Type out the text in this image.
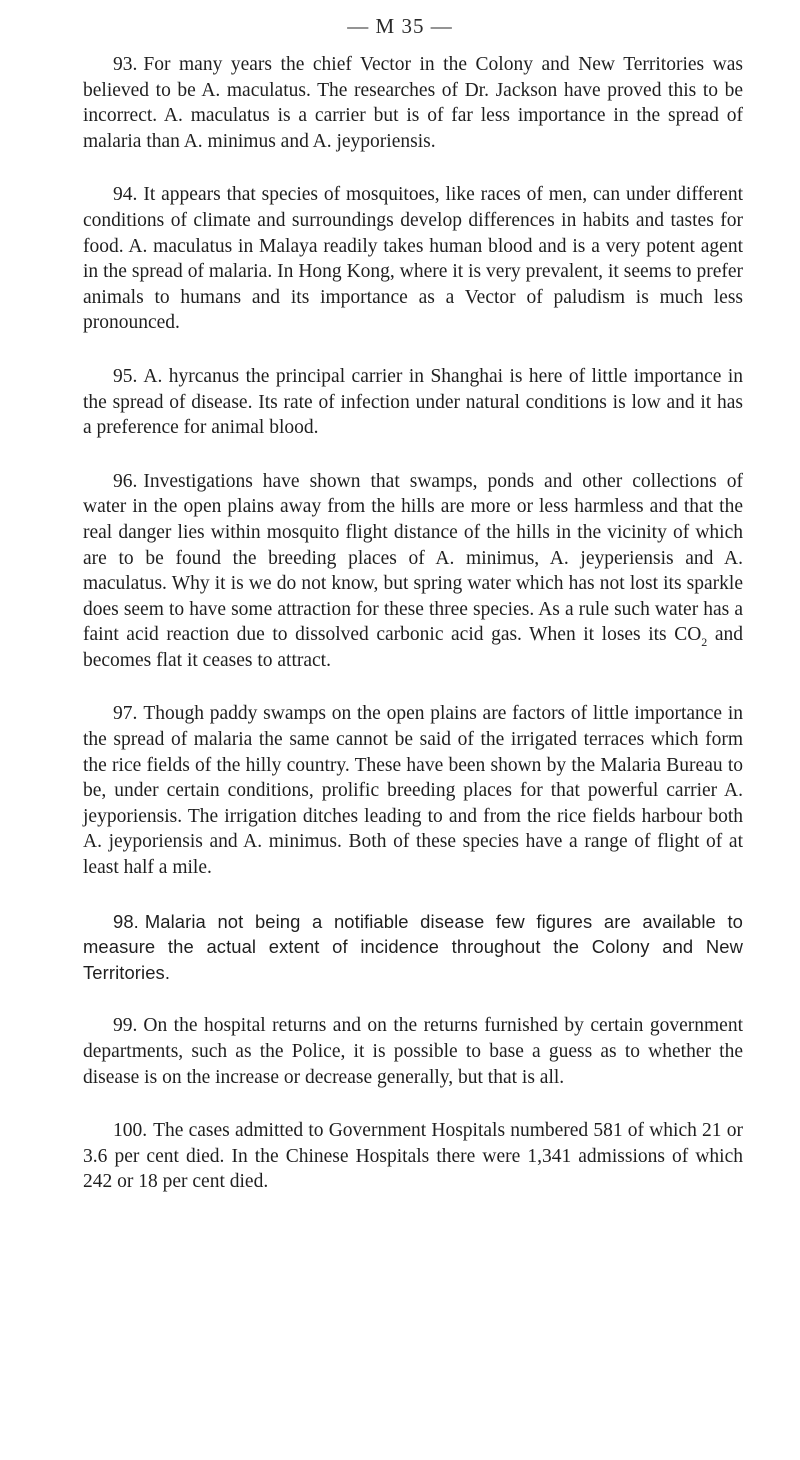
— M 35 —

93. For many years the chief Vector in the Colony and New Territories was believed to be A. maculatus. The researches of Dr. Jackson have proved this to be incorrect. A. maculatus is a carrier but is of far less importance in the spread of malaria than A. minimus and A. jeyporiensis.

94. It appears that species of mosquitoes, like races of men, can under different conditions of climate and surroundings develop differences in habits and tastes for food. A. maculatus in Malaya readily takes human blood and is a very potent agent in the spread of malaria. In Hong Kong, where it is very prevalent, it seems to prefer animals to humans and its importance as a Vector of paludism is much less pronounced.

95. A. hyrcanus the principal carrier in Shanghai is here of little importance in the spread of disease. Its rate of infection under natural conditions is low and it has a preference for animal blood.

96. Investigations have shown that swamps, ponds and other collections of water in the open plains away from the hills are more or less harmless and that the real danger lies within mosquito flight distance of the hills in the vicinity of which are to be found the breeding places of A. minimus, A. jeyperiensis and A. maculatus. Why it is we do not know, but spring water which has not lost its sparkle does seem to have some attraction for these three species. As a rule such water has a faint acid reaction due to dissolved carbonic acid gas. When it loses its $CO_2$ and becomes flat it ceases to attract.

97. Though paddy swamps on the open plains are factors of little importance in the spread of malaria the same cannot be said of the irrigated terraces which form the rice fields of the hilly country. These have been shown by the Malaria Bureau to be, under certain conditions, prolific breeding places for that powerful carrier A. jeyporiensis. The irrigation ditches leading to and from the rice fields harbour both A. jeyporiensis and A. minimus. Both of these species have a range of flight of at least half a mile.

98. Malaria not being a notifiable disease few figures are available to measure the actual extent of incidence throughout the Colony and New Territories.

99. On the hospital returns and on the returns furnished by certain government departments, such as the Police, it is possible to base a guess as to whether the disease is on the increase or decrease generally, but that is all.

100. The cases admitted to Government Hospitals numbered 581 of which 21 or 3.6 per cent died. In the Chinese Hospitals there were 1,341 admissions of which 242 or 18 per cent died.
